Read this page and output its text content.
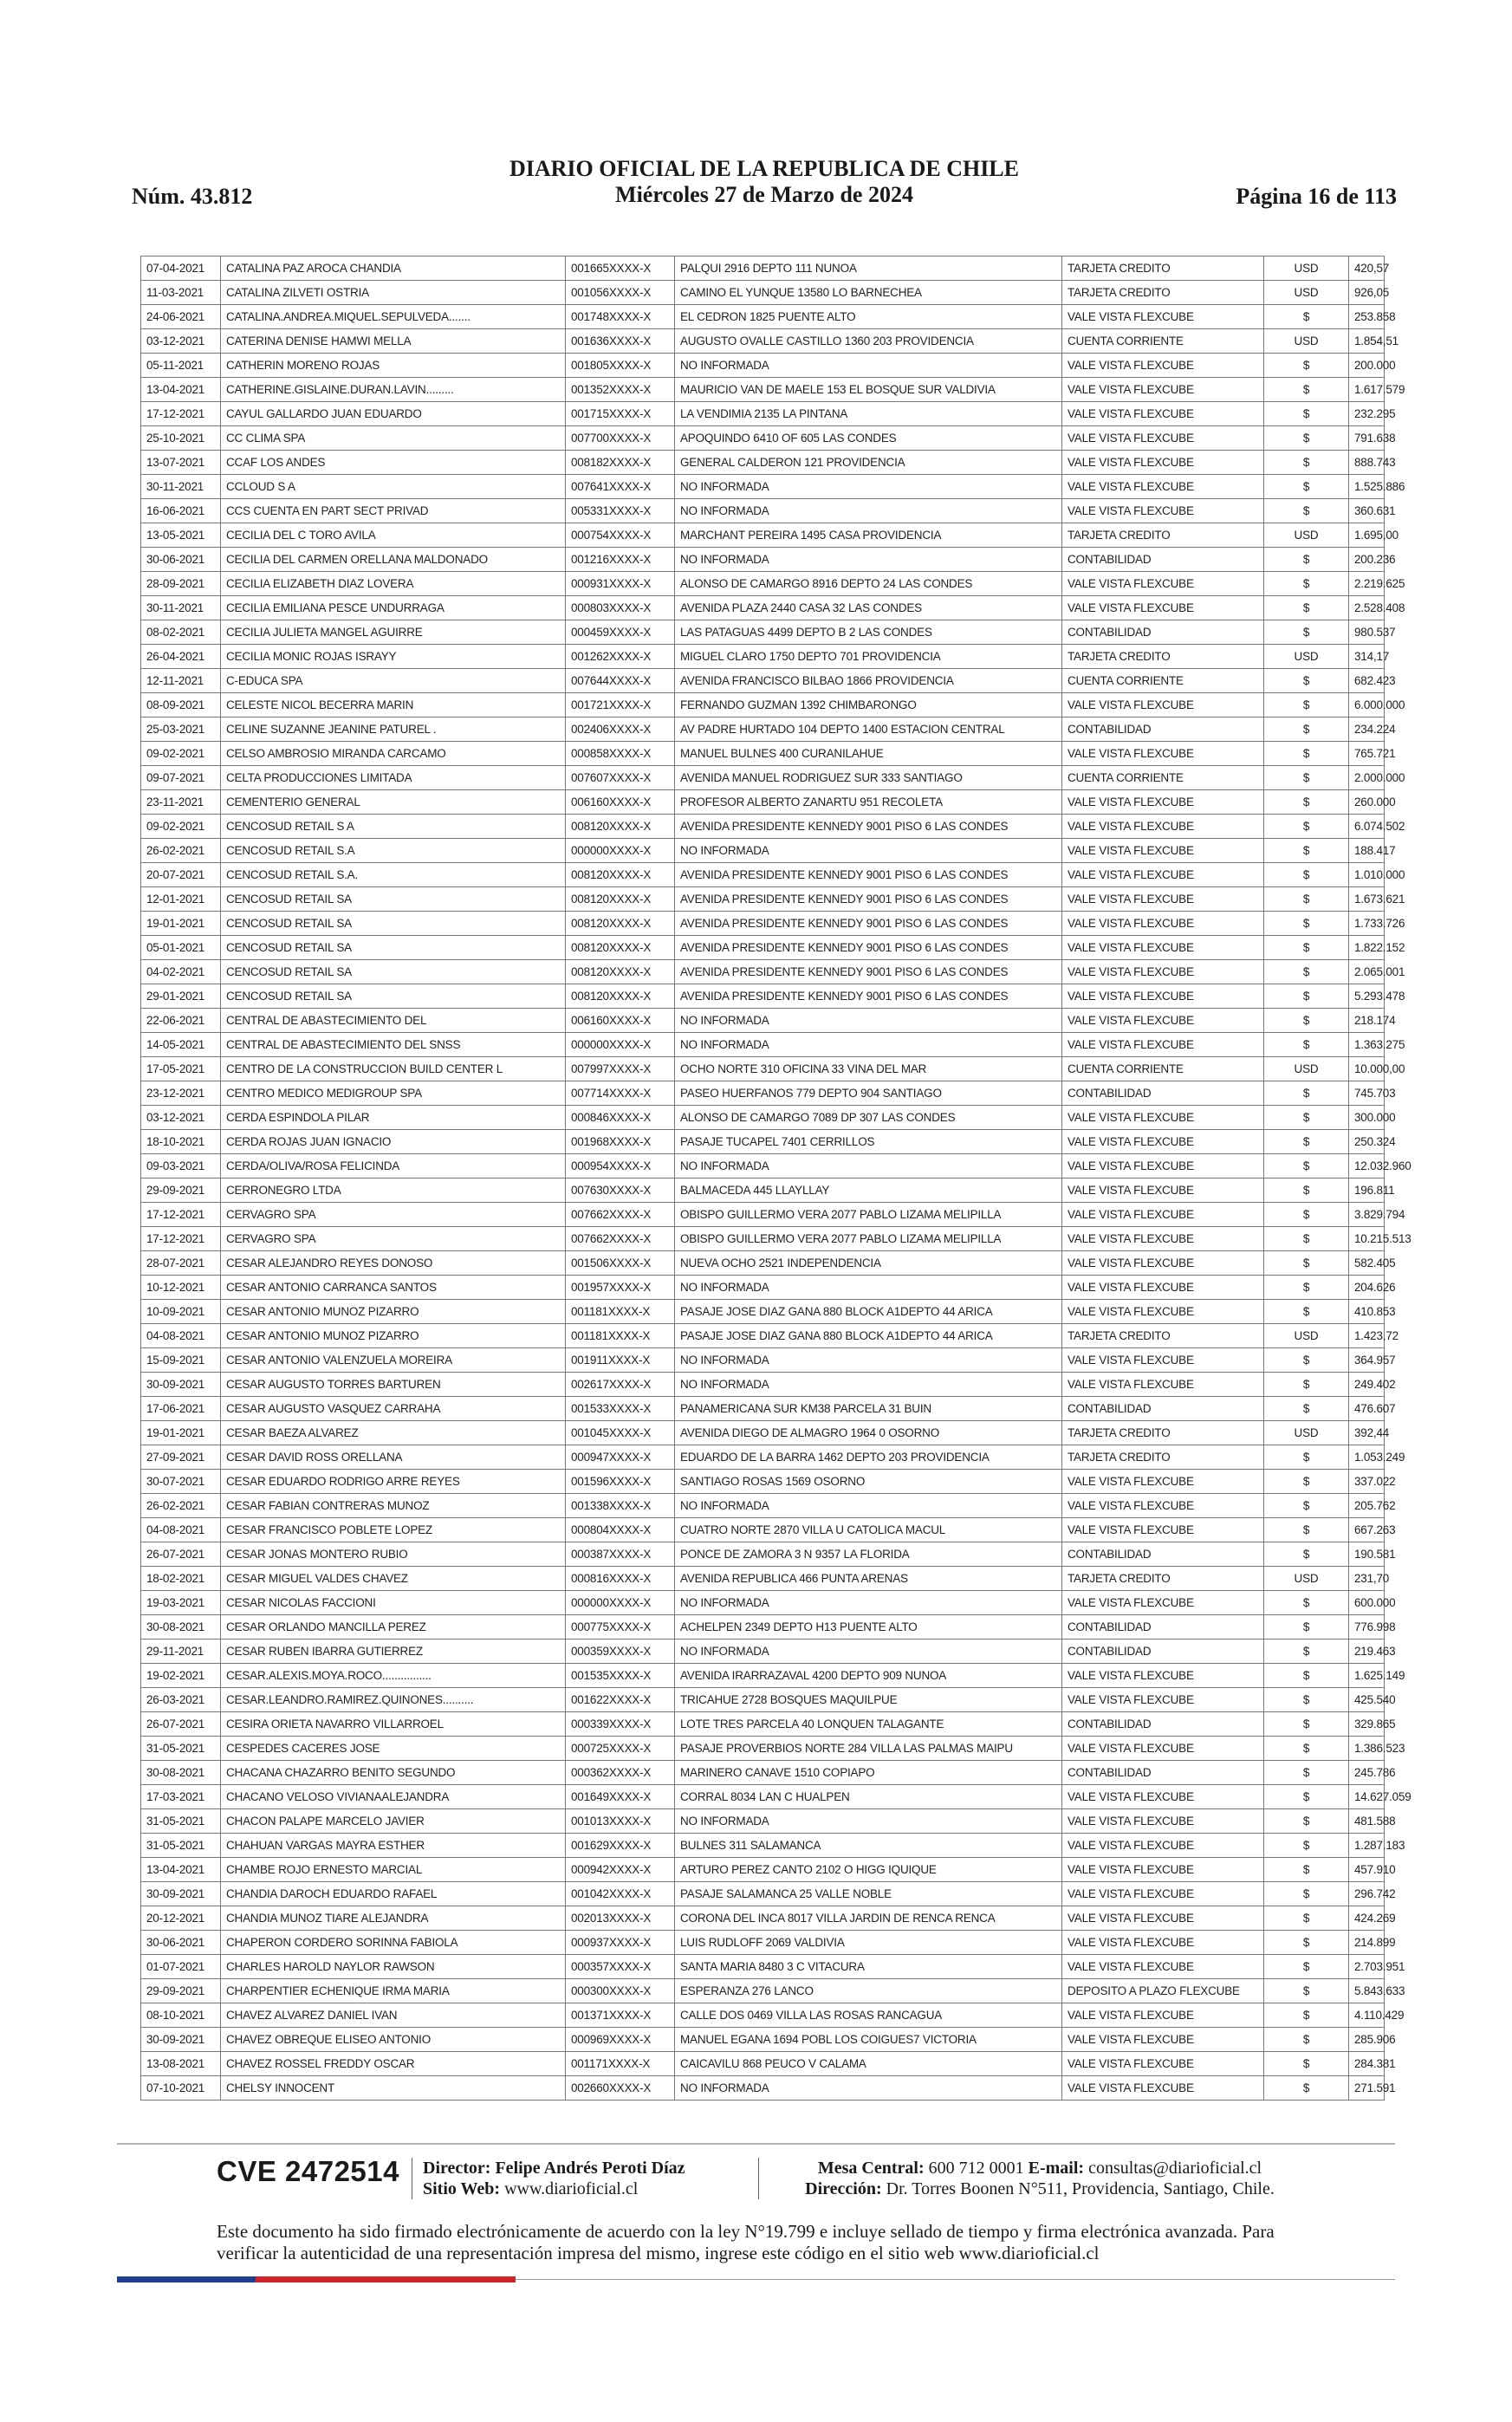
Núm. 43.812
DIARIO OFICIAL DE LA REPUBLICA DE CHILE
Miércoles 27 de Marzo de 2024	Página 16 de 113
07-04-2021	CATALINA PAZ AROCA CHANDIA	001665XXXX-X	PALQUI 2916 DEPTO 111 NUNOA	TARJETA CREDITO	USD	420,57
11-03-2021	CATALINA ZILVETI OSTRIA	001056XXXX-X	CAMINO EL YUNQUE 13580 LO BARNECHEA	TARJETA CREDITO	USD	926,05
24-06-2021	CATALINA.ANDREA.MIQUEL.SEPULVEDA.......	001748XXXX-X	EL CEDRON 1825 PUENTE ALTO	VALE VISTA FLEXCUBE	$	253.858
03-12-2021	CATERINA DENISE HAMWI MELLA	001636XXXX-X	AUGUSTO OVALLE CASTILLO 1360 203 PROVIDENCIA	CUENTA CORRIENTE	USD	1.854,51
05-11-2021	CATHERIN MORENO ROJAS	001805XXXX-X	NO INFORMADA	VALE VISTA FLEXCUBE	$	200.000
13-04-2021	CATHERINE.GISLAINE.DURAN.LAVIN.........	001352XXXX-X	MAURICIO VAN DE MAELE 153 EL BOSQUE SUR VALDIVIA	VALE VISTA FLEXCUBE	$	1.617.579
17-12-2021	CAYUL GALLARDO JUAN EDUARDO	001715XXXX-X	LA VENDIMIA 2135 LA PINTANA	VALE VISTA FLEXCUBE	$	232.295
25-10-2021	CC CLIMA SPA	007700XXXX-X	APOQUINDO 6410 OF 605 LAS CONDES	VALE VISTA FLEXCUBE	$	791.638
13-07-2021	CCAF LOS ANDES	008182XXXX-X	GENERAL CALDERON 121 PROVIDENCIA	VALE VISTA FLEXCUBE	$	888.743
30-11-2021	CCLOUD S A	007641XXXX-X	NO INFORMADA	VALE VISTA FLEXCUBE	$	1.525.886
16-06-2021	CCS CUENTA EN PART SECT PRIVAD	005331XXXX-X	NO INFORMADA	VALE VISTA FLEXCUBE	$	360.631
13-05-2021	CECILIA DEL C TORO AVILA	000754XXXX-X	MARCHANT PEREIRA 1495 CASA PROVIDENCIA	TARJETA CREDITO	USD	1.695,00
30-06-2021	CECILIA DEL CARMEN ORELLANA MALDONADO	001216XXXX-X	NO INFORMADA	CONTABILIDAD	$	200.236
28-09-2021	CECILIA ELIZABETH DIAZ LOVERA	000931XXXX-X	ALONSO DE CAMARGO 8916 DEPTO 24 LAS CONDES	VALE VISTA FLEXCUBE	$	2.219.625
30-11-2021	CECILIA EMILIANA PESCE UNDURRAGA	000803XXXX-X	AVENIDA PLAZA 2440 CASA 32 LAS CONDES	VALE VISTA FLEXCUBE	$	2.528.408
08-02-2021	CECILIA JULIETA MANGEL AGUIRRE	000459XXXX-X	LAS PATAGUAS 4499 DEPTO B 2 LAS CONDES	CONTABILIDAD	$	980.537
26-04-2021	CECILIA MONIC ROJAS ISRAYY	001262XXXX-X	MIGUEL CLARO 1750 DEPTO 701 PROVIDENCIA	TARJETA CREDITO	USD	314,17
12-11-2021	C-EDUCA SPA	007644XXXX-X	AVENIDA FRANCISCO BILBAO 1866 PROVIDENCIA	CUENTA CORRIENTE	$	682.423
08-09-2021	CELESTE NICOL BECERRA MARIN	001721XXXX-X	FERNANDO GUZMAN 1392 CHIMBARONGO	VALE VISTA FLEXCUBE	$	6.000.000
25-03-2021	CELINE SUZANNE JEANINE PATUREL .	002406XXXX-X	AV PADRE HURTADO 104 DEPTO 1400 ESTACION CENTRAL	CONTABILIDAD	$	234.224
09-02-2021	CELSO AMBROSIO MIRANDA CARCAMO	000858XXXX-X	MANUEL BULNES 400 CURANILAHUE	VALE VISTA FLEXCUBE	$	765.721
09-07-2021	CELTA PRODUCCIONES LIMITADA	007607XXXX-X	AVENIDA MANUEL RODRIGUEZ SUR 333 SANTIAGO	CUENTA CORRIENTE	$	2.000.000
23-11-2021	CEMENTERIO GENERAL	006160XXXX-X	PROFESOR ALBERTO ZANARTU 951 RECOLETA	VALE VISTA FLEXCUBE	$	260.000
09-02-2021	CENCOSUD RETAIL S A	008120XXXX-X	AVENIDA PRESIDENTE KENNEDY 9001 PISO 6 LAS CONDES	VALE VISTA FLEXCUBE	$	6.074.502
26-02-2021	CENCOSUD RETAIL S.A	000000XXXX-X	NO INFORMADA	VALE VISTA FLEXCUBE	$	188.417
20-07-2021	CENCOSUD RETAIL S.A.	008120XXXX-X	AVENIDA PRESIDENTE KENNEDY 9001 PISO 6 LAS CONDES	VALE VISTA FLEXCUBE	$	1.010.000
12-01-2021	CENCOSUD RETAIL SA	008120XXXX-X	AVENIDA PRESIDENTE KENNEDY 9001 PISO 6 LAS CONDES	VALE VISTA FLEXCUBE	$	1.673.621
19-01-2021	CENCOSUD RETAIL SA	008120XXXX-X	AVENIDA PRESIDENTE KENNEDY 9001 PISO 6 LAS CONDES	VALE VISTA FLEXCUBE	$	1.733.726
05-01-2021	CENCOSUD RETAIL SA	008120XXXX-X	AVENIDA PRESIDENTE KENNEDY 9001 PISO 6 LAS CONDES	VALE VISTA FLEXCUBE	$	1.822.152
04-02-2021	CENCOSUD RETAIL SA	008120XXXX-X	AVENIDA PRESIDENTE KENNEDY 9001 PISO 6 LAS CONDES	VALE VISTA FLEXCUBE	$	2.065.001
29-01-2021	CENCOSUD RETAIL SA	008120XXXX-X	AVENIDA PRESIDENTE KENNEDY 9001 PISO 6 LAS CONDES	VALE VISTA FLEXCUBE	$	5.293.478
22-06-2021	CENTRAL DE ABASTECIMIENTO DEL	006160XXXX-X	NO INFORMADA	VALE VISTA FLEXCUBE	$	218.174
14-05-2021	CENTRAL DE ABASTECIMIENTO DEL SNSS	000000XXXX-X	NO INFORMADA	VALE VISTA FLEXCUBE	$	1.363.275
17-05-2021	CENTRO DE LA CONSTRUCCION BUILD CENTER L	007997XXXX-X	OCHO NORTE 310 OFICINA 33 VINA DEL MAR	CUENTA CORRIENTE	USD	10.000,00
23-12-2021	CENTRO MEDICO MEDIGROUP SPA	007714XXXX-X	PASEO HUERFANOS 779 DEPTO 904 SANTIAGO	CONTABILIDAD	$	745.703
03-12-2021	CERDA ESPINDOLA PILAR	000846XXXX-X	ALONSO DE CAMARGO 7089 DP 307 LAS CONDES	VALE VISTA FLEXCUBE	$	300.000
18-10-2021	CERDA ROJAS JUAN IGNACIO	001968XXXX-X	PASAJE TUCAPEL 7401 CERRILLOS	VALE VISTA FLEXCUBE	$	250.324
09-03-2021	CERDA/OLIVA/ROSA FELICINDA	000954XXXX-X	NO INFORMADA	VALE VISTA FLEXCUBE	$	12.032.960
29-09-2021	CERRONEGRO LTDA	007630XXXX-X	BALMACEDA 445 LLAYLLAY	VALE VISTA FLEXCUBE	$	196.811
17-12-2021	CERVAGRO SPA	007662XXXX-X	OBISPO GUILLERMO VERA 2077 PABLO LIZAMA MELIPILLA	VALE VISTA FLEXCUBE	$	3.829.794
17-12-2021	CERVAGRO SPA	007662XXXX-X	OBISPO GUILLERMO VERA 2077 PABLO LIZAMA MELIPILLA	VALE VISTA FLEXCUBE	$	10.215.513
28-07-2021	CESAR ALEJANDRO REYES DONOSO	001506XXXX-X	NUEVA OCHO 2521 INDEPENDENCIA	VALE VISTA FLEXCUBE	$	582.405
10-12-2021	CESAR ANTONIO CARRANCA SANTOS	001957XXXX-X	NO INFORMADA	VALE VISTA FLEXCUBE	$	204.626
10-09-2021	CESAR ANTONIO MUNOZ PIZARRO	001181XXXX-X	PASAJE JOSE DIAZ GANA 880 BLOCK A1DEPTO 44 ARICA	VALE VISTA FLEXCUBE	$	410.853
04-08-2021	CESAR ANTONIO MUNOZ PIZARRO	001181XXXX-X	PASAJE JOSE DIAZ GANA 880 BLOCK A1DEPTO 44 ARICA	TARJETA CREDITO	USD	1.423,72
15-09-2021	CESAR ANTONIO VALENZUELA MOREIRA	001911XXXX-X	NO INFORMADA	VALE VISTA FLEXCUBE	$	364.957
30-09-2021	CESAR AUGUSTO TORRES BARTUREN	002617XXXX-X	NO INFORMADA	VALE VISTA FLEXCUBE	$	249.402
17-06-2021	CESAR AUGUSTO VASQUEZ CARRAHA	001533XXXX-X	PANAMERICANA SUR KM38 PARCELA 31 BUIN	CONTABILIDAD	$	476.607
19-01-2021	CESAR BAEZA ALVAREZ	001045XXXX-X	AVENIDA DIEGO DE ALMAGRO 1964 0 OSORNO	TARJETA CREDITO	USD	392,44
27-09-2021	CESAR DAVID ROSS ORELLANA	000947XXXX-X	EDUARDO DE LA BARRA 1462 DEPTO 203 PROVIDENCIA	TARJETA CREDITO	$	1.053.249
30-07-2021	CESAR EDUARDO RODRIGO ARRE REYES	001596XXXX-X	SANTIAGO ROSAS 1569 OSORNO	VALE VISTA FLEXCUBE	$	337.022
26-02-2021	CESAR FABIAN CONTRERAS MUNOZ	001338XXXX-X	NO INFORMADA	VALE VISTA FLEXCUBE	$	205.762
04-08-2021	CESAR FRANCISCO POBLETE LOPEZ	000804XXXX-X	CUATRO NORTE 2870 VILLA U CATOLICA MACUL	VALE VISTA FLEXCUBE	$	667.263
26-07-2021	CESAR JONAS MONTERO RUBIO	000387XXXX-X	PONCE DE ZAMORA 3 N 9357 LA FLORIDA	CONTABILIDAD	$	190.581
18-02-2021	CESAR MIGUEL VALDES CHAVEZ	000816XXXX-X	AVENIDA REPUBLICA 466 PUNTA ARENAS	TARJETA CREDITO	USD	231,70
19-03-2021	CESAR NICOLAS FACCIONI	000000XXXX-X	NO INFORMADA	VALE VISTA FLEXCUBE	$	600.000
30-08-2021	CESAR ORLANDO MANCILLA PEREZ	000775XXXX-X	ACHELPEN 2349 DEPTO H13 PUENTE ALTO	CONTABILIDAD	$	776.998
29-11-2021	CESAR RUBEN IBARRA GUTIERREZ	000359XXXX-X	NO INFORMADA	CONTABILIDAD	$	219.463
19-02-2021	CESAR.ALEXIS.MOYA.ROCO................	001535XXXX-X	AVENIDA IRARRAZAVAL 4200 DEPTO 909 NUNOA	VALE VISTA FLEXCUBE	$	1.625.149
26-03-2021	CESAR.LEANDRO.RAMIREZ.QUINONES..........	001622XXXX-X	TRICAHUE 2728 BOSQUES MAQUILPUE	VALE VISTA FLEXCUBE	$	425.540
26-07-2021	CESIRA ORIETA NAVARRO VILLARROEL	000339XXXX-X	LOTE TRES PARCELA 40 LONQUEN TALAGANTE	CONTABILIDAD	$	329.865
31-05-2021	CESPEDES CACERES JOSE	000725XXXX-X	PASAJE PROVERBIOS NORTE 284 VILLA LAS PALMAS MAIPU	VALE VISTA FLEXCUBE	$	1.386.523
30-08-2021	CHACANA CHAZARRO BENITO SEGUNDO	000362XXXX-X	MARINERO CANAVE 1510 COPIAPO	CONTABILIDAD	$	245.786
17-03-2021	CHACANO VELOSO VIVIANAALEJANDRA	001649XXXX-X	CORRAL 8034 LAN C HUALPEN	VALE VISTA FLEXCUBE	$	14.627.059
31-05-2021	CHACON PALAPE MARCELO JAVIER	001013XXXX-X	NO INFORMADA	VALE VISTA FLEXCUBE	$	481.588
31-05-2021	CHAHUAN VARGAS MAYRA ESTHER	001629XXXX-X	BULNES 311 SALAMANCA	VALE VISTA FLEXCUBE	$	1.287.183
13-04-2021	CHAMBE ROJO ERNESTO MARCIAL	000942XXXX-X	ARTURO PEREZ CANTO 2102 O HIGG IQUIQUE	VALE VISTA FLEXCUBE	$	457.910
30-09-2021	CHANDIA DAROCH EDUARDO RAFAEL	001042XXXX-X	PASAJE SALAMANCA 25 VALLE NOBLE	VALE VISTA FLEXCUBE	$	296.742
20-12-2021	CHANDIA MUNOZ TIARE ALEJANDRA	002013XXXX-X	CORONA DEL INCA 8017 VILLA JARDIN DE RENCA RENCA	VALE VISTA FLEXCUBE	$	424.269
30-06-2021	CHAPERON CORDERO SORINNA FABIOLA	000937XXXX-X	LUIS RUDLOFF 2069 VALDIVIA	VALE VISTA FLEXCUBE	$	214.899
01-07-2021	CHARLES HAROLD NAYLOR RAWSON	000357XXXX-X	SANTA MARIA 8480 3 C VITACURA	VALE VISTA FLEXCUBE	$	2.703.951
29-09-2021	CHARPENTIER ECHENIQUE IRMA MARIA	000300XXXX-X	ESPERANZA 276 LANCO	DEPOSITO A PLAZO FLEXCUBE	$	5.843.633
08-10-2021	CHAVEZ ALVAREZ DANIEL IVAN	001371XXXX-X	CALLE DOS 0469 VILLA LAS ROSAS RANCAGUA	VALE VISTA FLEXCUBE	$	4.110.429
30-09-2021	CHAVEZ OBREQUE ELISEO ANTONIO	000969XXXX-X	MANUEL EGANA 1694 POBL LOS COIGUES7 VICTORIA	VALE VISTA FLEXCUBE	$	285.906
13-08-2021	CHAVEZ ROSSEL FREDDY OSCAR	001171XXXX-X	CAICAVILU 868 PEUCO V CALAMA	VALE VISTA FLEXCUBE	$	284.381
07-10-2021	CHELSY INNOCENT	002660XXXX-X	NO INFORMADA	VALE VISTA FLEXCUBE	$	271.591
CVE 2472514 Director: Felipe Andrés Peroti Díaz
Sitio Web: www.diarioficial.cl
Mesa Central: 600 712 0001 E-mail: consultas@diarioficial.cl
Dirección: Dr. Torres Boonen N°511, Providencia, Santiago, Chile.
Este documento ha sido firmado electrónicamente de acuerdo con la ley N°19.799 e incluye sellado de tiempo y firma electrónica avanzada. Para verificar la autenticidad de una representación impresa del mismo, ingrese este código en el sitio web www.diarioficial.cl
